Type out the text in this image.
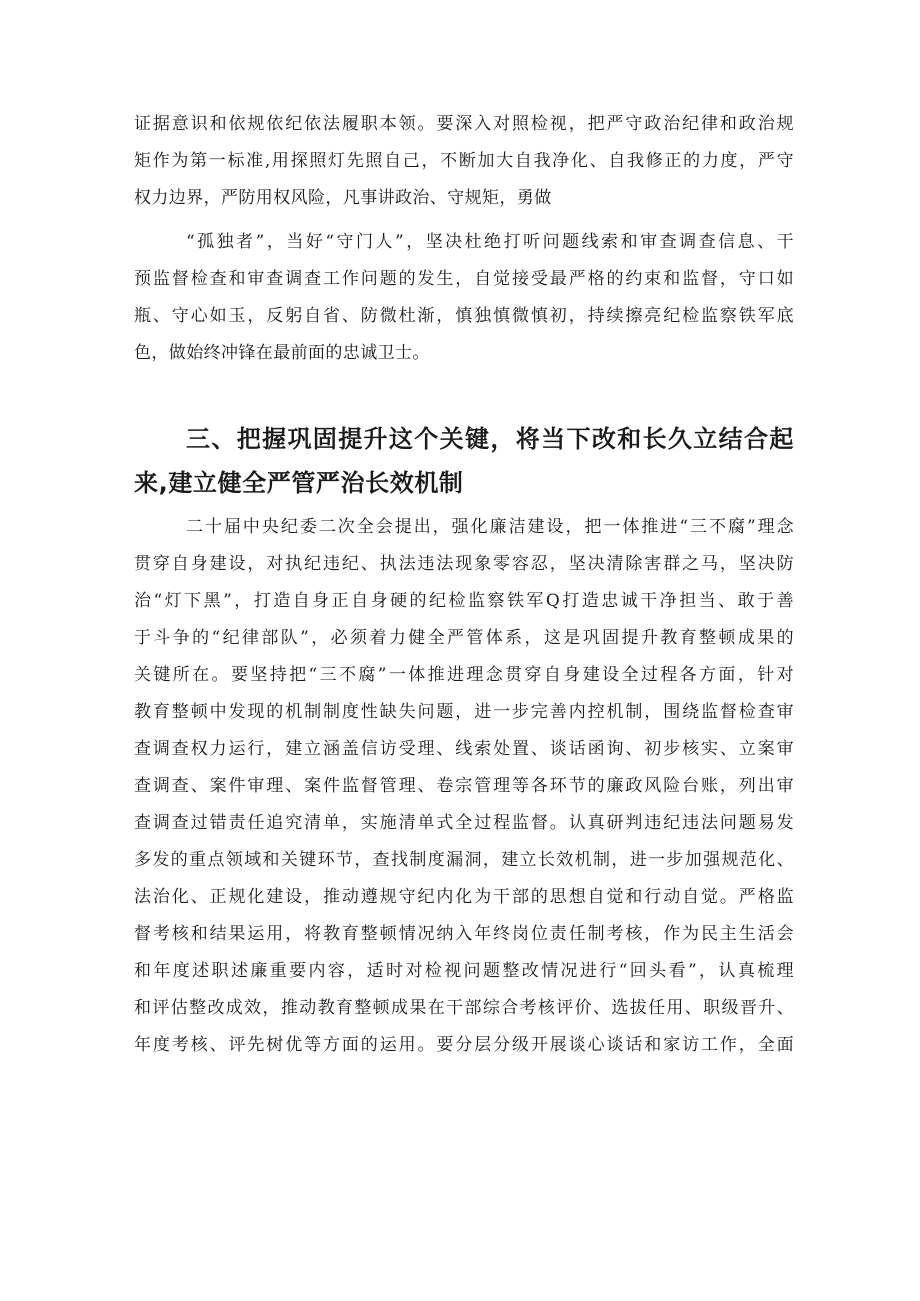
证据意识和依规依纪依法履职本领。要深入对照检视，把严守政治纪律和政治规
矩作为第一标准,用探照灯先照自己，不断加大自我净化、自我修正的力度，严守
权力边界，严防用权风险，凡事讲政治、守规矩，勇做
“孤独者”，当好“守门人”，坚决杜绝打听问题线索和审查调查信息、干
预监督检查和审查调查工作问题的发生，自觉接受最严格的约束和监督，守口如
瓶、守心如玉，反躬自省、防微杜渐，慎独慎微慎初，持续擦亮纪检监察铁军底
色，做始终冲锋在最前面的忠诚卫士。
三、把握巩固提升这个关键，将当下改和长久立结合起
来,建立健全严管严治长效机制
二十届中央纪委二次全会提出，强化廉洁建设，把一体推进“三不腐”理念
贯穿自身建设，对执纪违纪、执法违法现象零容忍，坚决清除害群之马，坚决防
治“灯下黑”，打造自身正自身硬的纪检监察铁军Q打造忠诚干净担当、敢于善
于斗争的“纪律部队”，必须着力健全严管体系，这是巩固提升教育整顿成果的
关键所在。要坚持把“三不腐”一体推进理念贯穿自身建设全过程各方面，针对
教育整顿中发现的机制制度性缺失问题，进一步完善内控机制，围绕监督检查审
查调查权力运行，建立涵盖信访受理、线索处置、谈话函询、初步核实、立案审
查调查、案件审理、案件监督管理、卷宗管理等各环节的廉政风险台账，列出审
查调查过错责任追究清单，实施清单式全过程监督。认真研判违纪违法问题易发
多发的重点领域和关键环节，查找制度漏洞，建立长效机制，进一步加强规范化、
法治化、正规化建设，推动遵规守纪内化为干部的思想自觉和行动自觉。严格监
督考核和结果运用，将教育整顿情况纳入年终岗位责任制考核，作为民主生活会
和年度述职述廉重要内容，适时对检视问题整改情况进行“回头看”，认真梳理
和评估整改成效，推动教育整顿成果在干部综合考核评价、选拔任用、职级晋升、
年度考核、评先树优等方面的运用。要分层分级开展谈心谈话和家访工作，全面
